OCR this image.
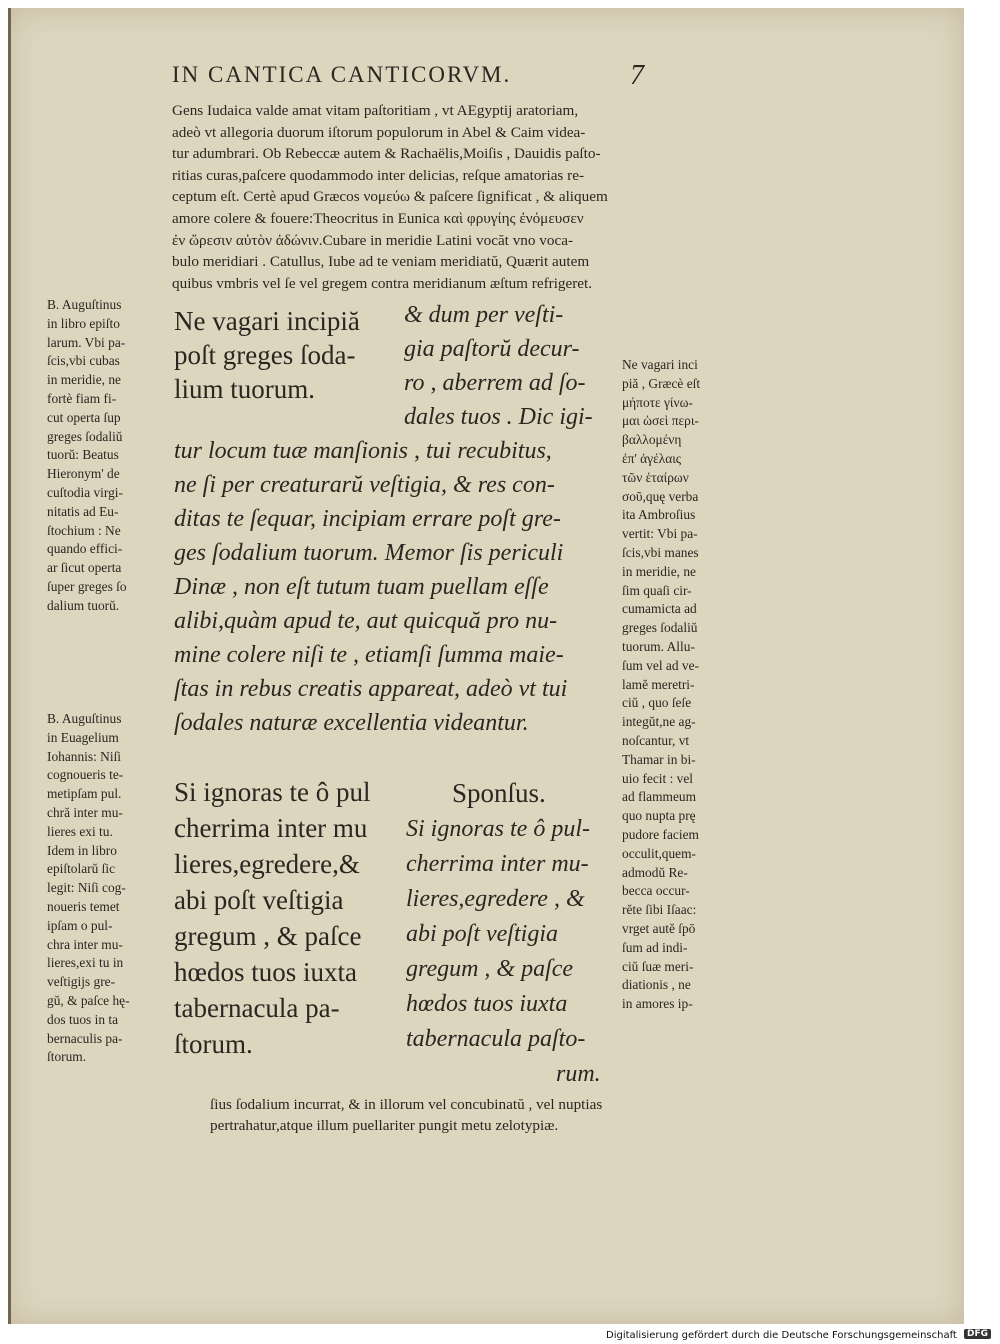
IN CANTICA CANTICORVM.	7
Gens Iudaica valde amat vitam paſtoritiam , vt AEgyptij aratoriam,
adeò vt allegoria duorum iſtorum populorum in Abel & Caim videa-
tur adumbrari. Ob Rebeccæ autem & Rachaëlis,Moiſis , Dauidis paſto-
ritias curas,paſcere quodammodo inter delicias, reſque amatorias re-
ceptum eſt. Certè apud Græcos νομεύω & paſcere ſignificat , & aliquem
amore colere & fouere:Theocritus in Eunica καὶ φρυγίης ἐνόμευσεν
ἐν ὤρεσιν αὐτὸν ἀδώνιν.Cubare in meridie Latini vocăt vno voca-
bulo meridiari . Catullus, Iube ad te veniam meridiatŭ, Quærit autem
quibus vmbris vel ſe vel gregem contra meridianum æſtum refrigeret.
B. Auguſtinus
in libro epiſto
larum. Vbi pa-
ſcis,vbi cubas
in meridie, ne
fortè fiam fi-
cut operta ſup
greges ſodaliŭ
tuorŭ: Beatus
Hieronym' de
cuſtodia virgi-
nitatis ad Eu-
ſtochium : Ne
quando effici-
ar ſicut operta
ſuper greges ſo
dalium tuorŭ.
B. Auguſtinus
in Euagelium
Iohannis: Niſi
cognoueris te-
metipſam pul.
chră inter mu-
lieres exi tu.
Idem in libro
epiſtolarŭ ſic
legit: Niſi cog-
noueris temet
ipſam o pul-
chra inter mu-
lieres,exi tu in
veſtigijs gre-
gŭ, & paſce hę-
dos tuos in ta
bernaculis pa-
ſtorum.
Ne vagari inci
piă , Græcè eſt
μήποτε γίνω-
μαι ὡσεὶ περι-
βαλλομένη
ἐπ' ἀγέλαις
τῶν ἑταίρων
σοῦ,quę verba
ita Ambroſius
vertit: Vbi pa-
ſcis,vbi manes
in meridie, ne
ſim quaſi cir-
cumamicta ad
greges ſodaliŭ
tuorum. Allu-
ſum vel ad ve-
lamĕ meretri-
ciŭ , quo ſeſe
integŭt,ne ag-
noſcantur, vt
Thamar in bi-
uio fecit : vel
ad flammeum
quo nupta prę
pudore faciem
occulit,quem-
admodŭ Re-
becca occur-
rĕte ſibi Iſaac:
vrget autĕ ſpō
ſum ad indi-
ciŭ ſuæ meri-
diationis , ne
in amores ip-
Ne vagari incipiă
poſt greges ſoda-
lium tuorum.
& dum per veſti-
gia paſtorŭ decur-
ro , aberrem ad ſo-
dales tuos . Dic igi-
tur locum tuæ manſionis , tui recubitus,
ne ſi per creaturarŭ veſtigia, & res con-
ditas te ſequar, incipiam errare poſt gre-
ges ſodalium tuorum. Memor ſis periculi
Dinæ , non eſt tutum tuam puellam eſſe
alibi,quàm apud te, aut quicquă pro nu-
mine colere niſi te , etiamſi ſumma maie-
ſtas in rebus creatis appareat, adeò vt tui
ſodales naturæ excellentia videantur.
Si ignoras te ô pul
cherrima inter mu
lieres,egredere,&
abi poſt veſtigia
gregum , & paſce
hœdos tuos iuxta
tabernacula pa-
ſtorum.
Sponſus.
Si ignoras te ô pul-
cherrima inter mu-
lieres,egredere , &
abi poſt veſtigia
gregum , & paſce
hœdos tuos iuxta
tabernacula paſto-
rum.
ſius ſodalium incurrat, & in illorum vel concubinatŭ , vel nuptias
pertrahatur,atque illum puellariter pungit metu zelotypiæ.
Digitalisierung gefördert durch die Deutsche Forschungsgemeinschaft	DFG
